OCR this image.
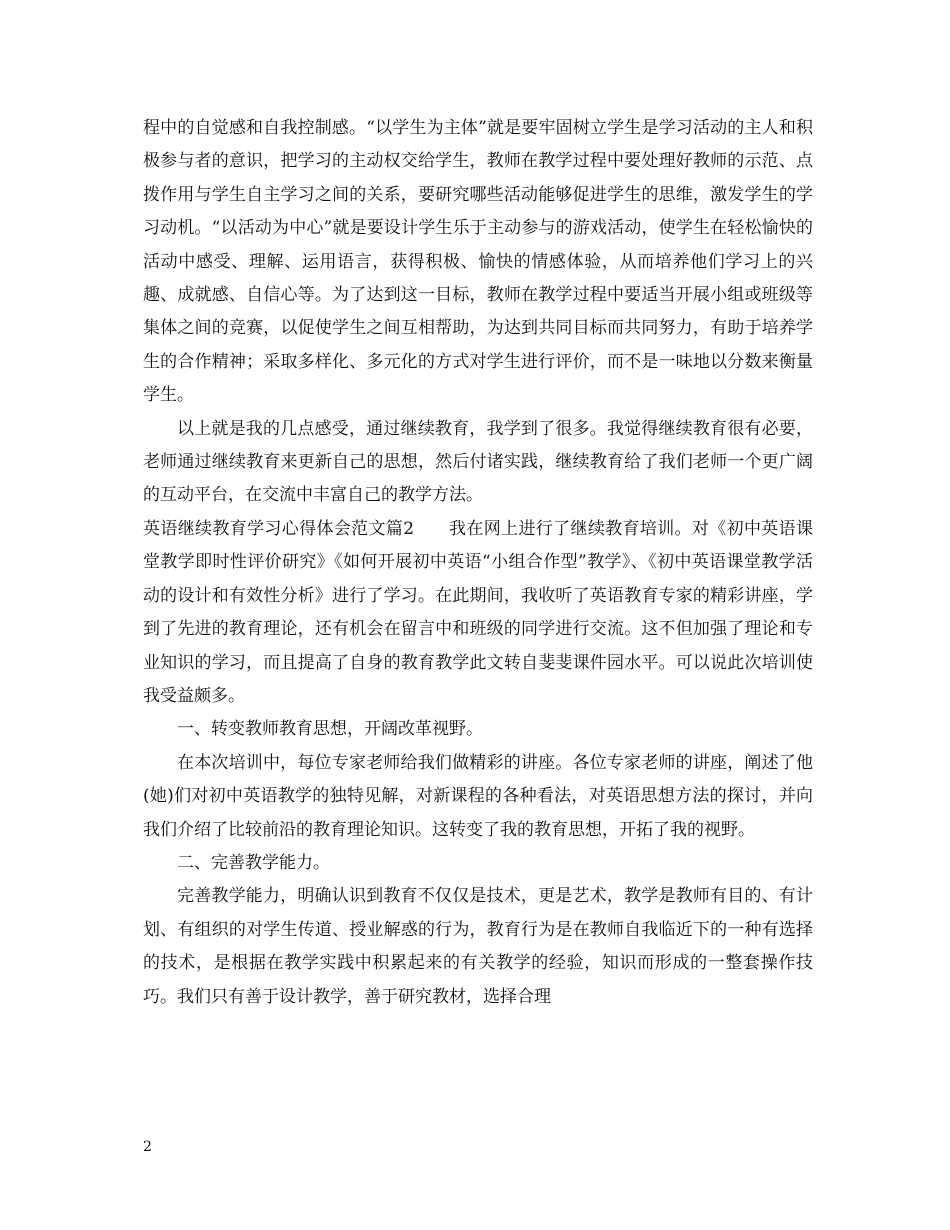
程中的自觉感和自我控制感。“以学生为主体”就是要牢固树立学生是学习活动的主人和积极参与者的意识，把学习的主动权交给学生，教师在教学过程中要处理好教师的示范、点拨作用与学生自主学习之间的关系，要研究哪些活动能够促进学生的思维，激发学生的学习动机。“以活动为中心”就是要设计学生乐于主动参与的游戏活动，使学生在轻松愉快的活动中感受、理解、运用语言，获得积极、愉快的情感体验，从而培养他们学习上的兴趣、成就感、自信心等。为了达到这一目标，教师在教学过程中要适当开展小组或班级等集体之间的竞赛，以促使学生之间互相帮助，为达到共同目标而共同努力，有助于培养学生的合作精神；采取多样化、多元化的方式对学生进行评价，而不是一味地以分数来衡量学生。

以上就是我的几点感受，通过继续教育，我学到了很多。我觉得继续教育很有必要，老师通过继续教育来更新自己的思想，然后付诸实践，继续教育给了我们老师一个更广阔的互动平台，在交流中丰富自己的教学方法。

英语继续教育学习心得体会范文篇2　　我在网上进行了继续教育培训。对《初中英语课堂教学即时性评价研究》《如何开展初中英语“小组合作型”教学》、《初中英语课堂教学活动的设计和有效性分析》进行了学习。在此期间，我收听了英语教育专家的精彩讲座，学到了先进的教育理论，还有机会在留言中和班级的同学进行交流。这不但加强了理论和专业知识的学习，而且提高了自身的教育教学此文转自斐斐课件园水平。可以说此次培训使我受益颇多。

一、转变教师教育思想，开阔改革视野。

在本次培训中，每位专家老师给我们做精彩的讲座。各位专家老师的讲座，阐述了他(她)们对初中英语教学的独特见解，对新课程的各种看法，对英语思想方法的探讨，并向我们介绍了比较前沿的教育理论知识。这转变了我的教育思想，开拓了我的视野。

二、完善教学能力。

完善教学能力，明确认识到教育不仅仅是技术，更是艺术，教学是教师有目的、有计划、有组织的对学生传道、授业解惑的行为，教育行为是在教师自我临近下的一种有选择的技术，是根据在教学实践中积累起来的有关教学的经验，知识而形成的一整套操作技巧。我们只有善于设计教学，善于研究教材，选择合理

2
